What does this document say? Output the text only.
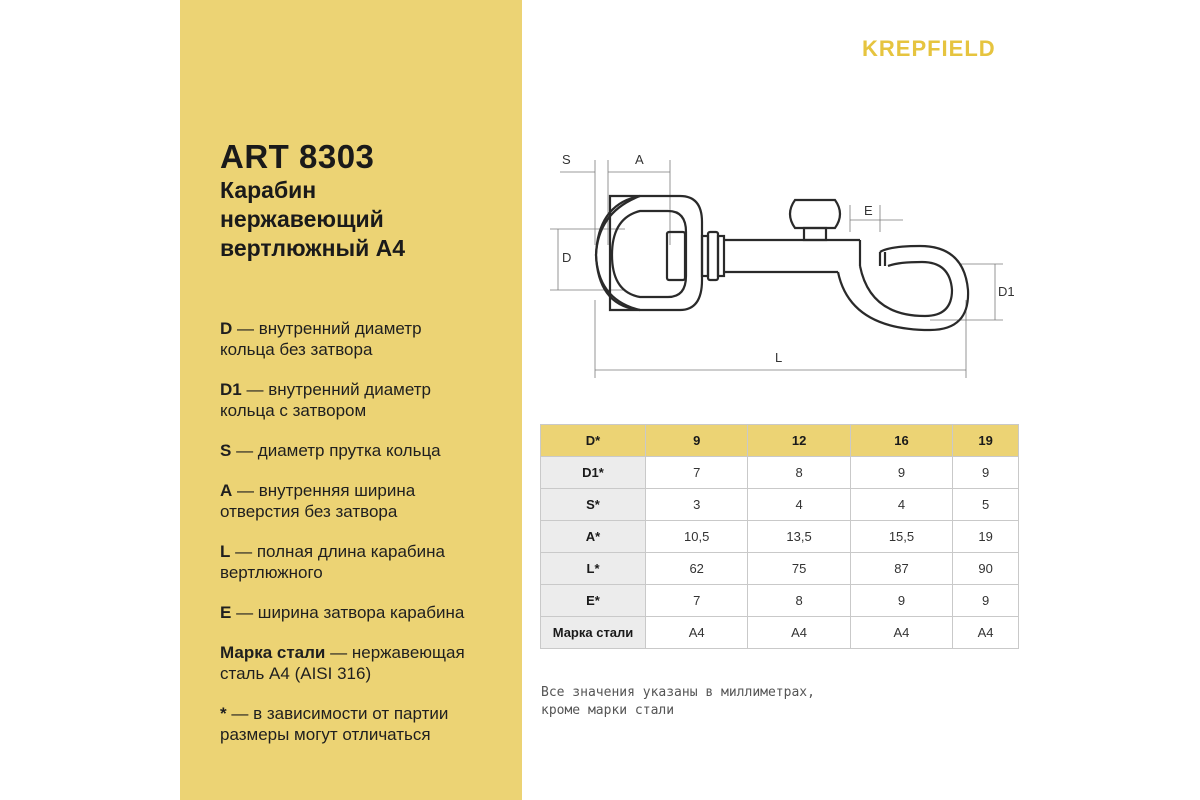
KREPFIELD
ART 8303
Карабин
нержавеющий
вертлюжный A4

D — внутренний диаметр
кольца без затвора

D1 — внутренний диаметр
кольца с затвором

S — диаметр прутка кольца

A — внутренняя ширина
отверстия без затвора

L — полная длина карабина
вертлюжного

E — ширина затвора карабина

Марка стали — нержавеющая
сталь A4 (AISI 316)

* — в зависимости от партии
размеры могут отличаться

S	A
D
E
D1
L
D*	9	12	16	19
D1*	7	8	9	9
S*	3	4	4	5
A*	10,5	13,5	15,5	19
L*	62	75	87	90
E*	7	8	9	9
Марка стали	A4	A4	A4	A4
Все значения указаны в миллиметрах,
кроме марки стали
